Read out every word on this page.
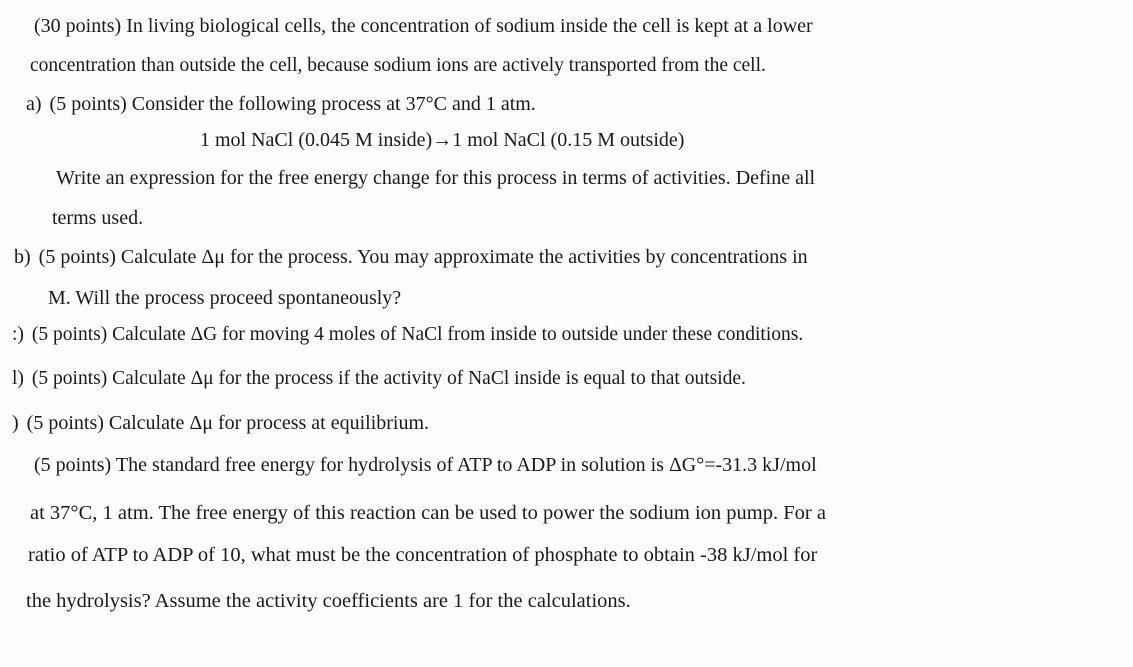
(30 points) In living biological cells, the concentration of sodium inside the cell is kept at a lower
concentration than outside the cell, because sodium ions are actively transported from the cell.
a) (5 points) Consider the following process at 37°C and 1 atm.
1 mol NaCl (0.045 M inside)→1 mol NaCl (0.15 M outside)
Write an expression for the free energy change for this process in terms of activities. Define all
terms used.
b) (5 points) Calculate Δμ for the process. You may approximate the activities by concentrations in
M. Will the process proceed spontaneously?
:) (5 points) Calculate ΔG for moving 4 moles of NaCl from inside to outside under these conditions.
l) (5 points) Calculate Δμ for the process if the activity of NaCl inside is equal to that outside.
) (5 points) Calculate Δμ for process at equilibrium.
(5 points) The standard free energy for hydrolysis of ATP to ADP in solution is ΔG°=-31.3 kJ/mol
at 37°C, 1 atm. The free energy of this reaction can be used to power the sodium ion pump. For a
ratio of ATP to ADP of 10, what must be the concentration of phosphate to obtain -38 kJ/mol for
the hydrolysis? Assume the activity coefficients are 1 for the calculations.
